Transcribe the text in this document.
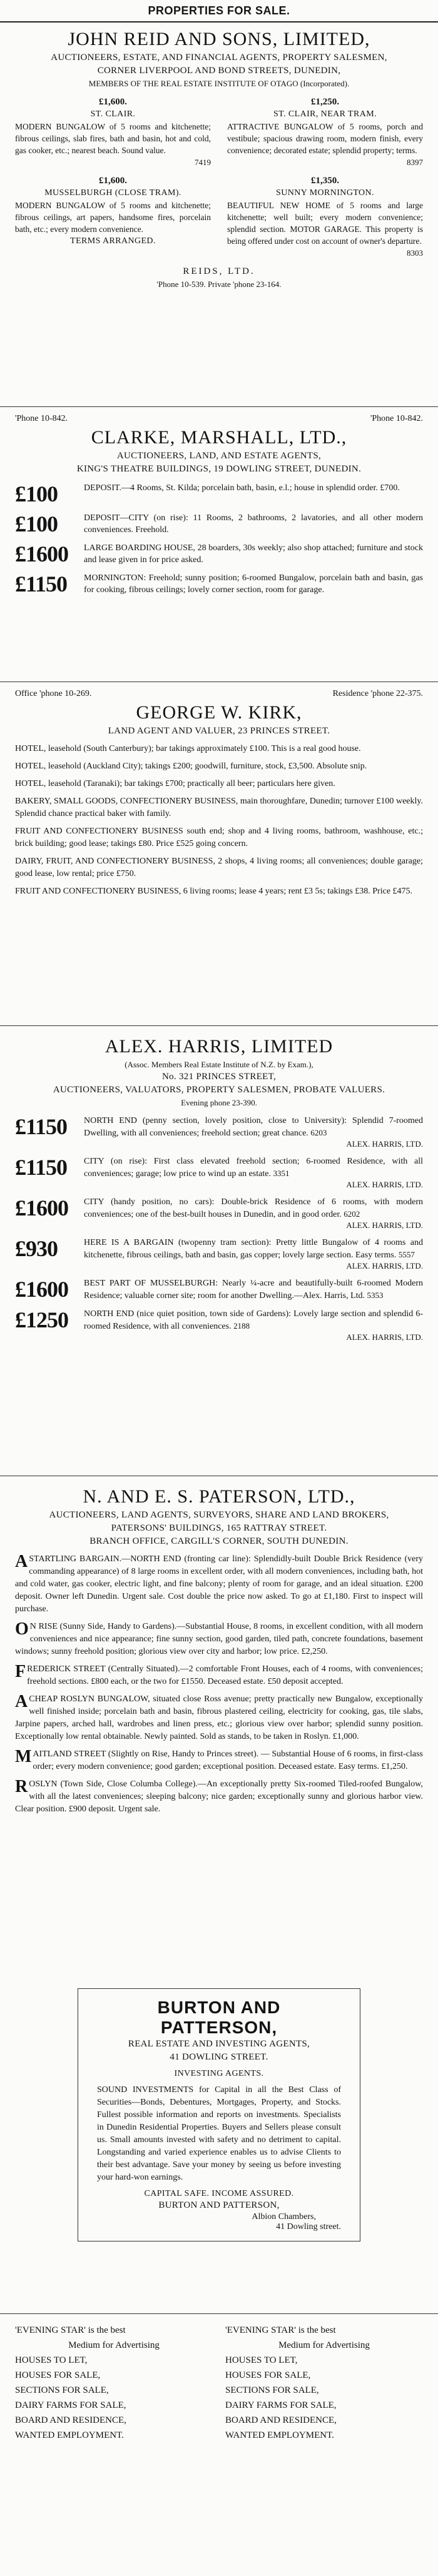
PROPERTIES FOR SALE.

JOHN REID AND SONS, LIMITED,

AUCTIONEERS, ESTATE, AND FINANCIAL AGENTS, PROPERTY SALESMEN,

CORNER LIVERPOOL AND BOND STREETS, DUNEDIN,

MEMBERS OF THE REAL ESTATE INSTITUTE OF OTAGO (Incorporated).

£1,600.

ST. CLAIR.

MODERN BUNGALOW of 5 rooms and kitchenette; fibrous ceilings, slab fires, bath and basin, hot and cold, gas cooker, etc.; nearest beach. Sound value.

7419

£1,250.

ST. CLAIR, NEAR TRAM.

ATTRACTIVE BUNGALOW of 5 rooms, porch and vestibule; spacious drawing room, modern finish, every convenience; decorated estate; splendid property; terms.

8397

£1,600.

MUSSELBURGH (CLOSE TRAM).

MODERN BUNGALOW of 5 rooms and kitchenette; fibrous ceilings, art papers, handsome fires, porcelain bath, etc.; every modern convenience.

TERMS ARRANGED.

£1,350.

SUNNY MORNINGTON.

BEAUTIFUL NEW HOME of 5 rooms and large kitchenette; well built; every modern convenience; splendid section. MOTOR GARAGE. This property is being offered under cost on account of owner's departure.

8303

REIDS, LTD.

'Phone 10-539. Private 'phone 23-164.

'Phone 10-842.	'Phone 10-842.

CLARKE, MARSHALL, LTD.,

AUCTIONEERS, LAND, AND ESTATE AGENTS,

KING'S THEATRE BUILDINGS, 19 DOWLING STREET, DUNEDIN.

£100	DEPOSIT.—4 Rooms, St. Kilda; porcelain bath, basin, e.l.; house in splendid order. £700.
£100	DEPOSIT—CITY (on rise): 11 Rooms, 2 bathrooms, 2 lavatories, and all other modern conveniences. Freehold.
£1600	LARGE BOARDING HOUSE, 28 boarders, 30s weekly; also shop attached; furniture and stock and lease given in for price asked.
£1150	MORNINGTON: Freehold; sunny position; 6-roomed Bungalow, porcelain bath and basin, gas for cooking, fibrous ceilings; lovely corner section, room for garage.
Office 'phone 10-269.	Residence 'phone 22-375.

GEORGE W. KIRK,

LAND AGENT AND VALUER, 23 PRINCES STREET.

HOTEL, leasehold (South Canterbury); bar takings approximately £100. This is a real good house.

HOTEL, leasehold (Auckland City); takings £200; goodwill, furniture, stock, £3,500. Absolute snip.

HOTEL, leasehold (Taranaki); bar takings £700; practically all beer; particulars here given.

BAKERY, SMALL GOODS, CONFECTIONERY BUSINESS, main thoroughfare, Dunedin; turnover £100 weekly. Splendid chance practical baker with family.

FRUIT AND CONFECTIONERY BUSINESS south end; shop and 4 living rooms, bathroom, washhouse, etc.; brick building; good lease; takings £80. Price £525 going concern.

DAIRY, FRUIT, AND CONFECTIONERY BUSINESS, 2 shops, 4 living rooms; all conveniences; double garage; good lease, low rental; price £750.

FRUIT AND CONFECTIONERY BUSINESS, 6 living rooms; lease 4 years; rent £3 5s; takings £38. Price £475.

ALEX. HARRIS, LIMITED

(Assoc. Members Real Estate Institute of N.Z. by Exam.),

No. 321 PRINCES STREET,

AUCTIONEERS, VALUATORS, PROPERTY SALESMEN, PROBATE VALUERS.

Evening phone 23-390.

£1150	NORTH END (penny section, lovely position, close to University): Splendid 7-roomed Dwelling, with all conveniences; freehold section; great chance. 6203

ALEX. HARRIS, LTD.

£1150	CITY (on rise): First class elevated freehold section; 6-roomed Residence, with all conveniences; garage; low price to wind up an estate. 3351

ALEX. HARRIS, LTD.

£1600	CITY (handy position, no cars): Double-brick Residence of 6 rooms, with modern conveniences; one of the best-built houses in Dunedin, and in good order. 6202

ALEX. HARRIS, LTD.

£930	HERE IS A BARGAIN (twopenny tram section): Pretty little Bungalow of 4 rooms and kitchenette, fibrous ceilings, bath and basin, gas copper; lovely large section. Easy terms. 5557

ALEX. HARRIS, LTD.

£1600	BEST PART OF MUSSELBURGH: Nearly ¼-acre and beautifully-built 6-roomed Modern Residence; valuable corner site; room for another Dwelling.—Alex. Harris, Ltd. 5353
£1250	NORTH END (nice quiet position, town side of Gardens): Lovely large section and splendid 6-roomed Residence, with all conveniences. 2188

ALEX. HARRIS, LTD.

N. AND E. S. PATERSON, LTD.,

AUCTIONEERS, LAND AGENTS, SURVEYORS, SHARE AND LAND BROKERS,

PATERSONS' BUILDINGS, 165 RATTRAY STREET.

BRANCH OFFICE, CARGILL'S CORNER, SOUTH DUNEDIN.

ASTARTLING BARGAIN.—NORTH END (fronting car line): Splendidly-built Double Brick Residence (very commanding appearance) of 8 large rooms in excellent order, with all modern conveniences, including bath, hot and cold water, gas cooker, electric light, and fine balcony; plenty of room for garage, and an ideal situation. £200 deposit. Owner left Dunedin. Urgent sale. Cost double the price now asked. To go at £1,180. First to inspect will purchase.

O N RISE (Sunny Side, Handy to Gardens).—Substantial House, 8 rooms, in excellent condition, with all modern conveniences and nice appearance; fine sunny section, good garden, tiled path, concrete foundations, basement windows; sunny freehold position; glorious view over city and harbor; low price. £2,250.

FREDERICK STREET (Centrally Situated).—2 comfortable Front Houses, each of 4 rooms, with conveniences; freehold sections. £800 each, or the two for £1550. Deceased estate. £50 deposit accepted.

ACHEAP ROSLYN BUNGALOW, situated close Ross avenue; pretty practically new Bungalow, exceptionally well finished inside; porcelain bath and basin, fibrous plastered ceiling, electricity for cooking, gas, tile slabs, Jarpine papers, arched hall, wardrobes and linen press, etc.; glorious view over harbor; splendid sunny position. Exceptionally low rental obtainable. Newly painted. Sold as stands, to be taken in Roslyn. £1,000.

MAITLAND STREET (Slightly on Rise, Handy to Princes street). — Substantial House of 6 rooms, in first-class order; every modern convenience; good garden; exceptional position. Deceased estate. Easy terms. £1,250.

ROSLYN (Town Side, Close Columba College).—An exceptionally pretty Six-roomed Tiled-roofed Bungalow, with all the latest conveniences; sleeping balcony; nice garden; exceptionally sunny and glorious harbor view. Clear position. £900 deposit. Urgent sale.

BURTON AND PATTERSON,

REAL ESTATE AND INVESTING AGENTS,

41 DOWLING STREET.

INVESTING AGENTS.

SOUND INVESTMENTS for Capital in all the Best Class of Securities—Bonds, Debentures, Mortgages, Property, and Stocks. Fullest possible information and reports on investments. Specialists in Dunedin Residential Properties. Buyers and Sellers please consult us. Small amounts invested with safety and no detriment to capital. Longstanding and varied experience enables us to advise Clients to their best advantage. Save your money by seeing us before investing your hard-won earnings.

CAPITAL SAFE. INCOME ASSURED.

BURTON AND PATTERSON,

Albion Chambers,

41 Dowling street.

'EVENING STAR' is the best
Medium for Advertising
HOUSES TO LET,
HOUSES FOR SALE,
SECTIONS FOR SALE,
DAIRY FARMS FOR SALE,
BOARD AND RESIDENCE,
WANTED EMPLOYMENT.
'EVENING STAR' is the best
Medium for Advertising
HOUSES TO LET,
HOUSES FOR SALE,
SECTIONS FOR SALE,
DAIRY FARMS FOR SALE,
BOARD AND RESIDENCE,
WANTED EMPLOYMENT.
